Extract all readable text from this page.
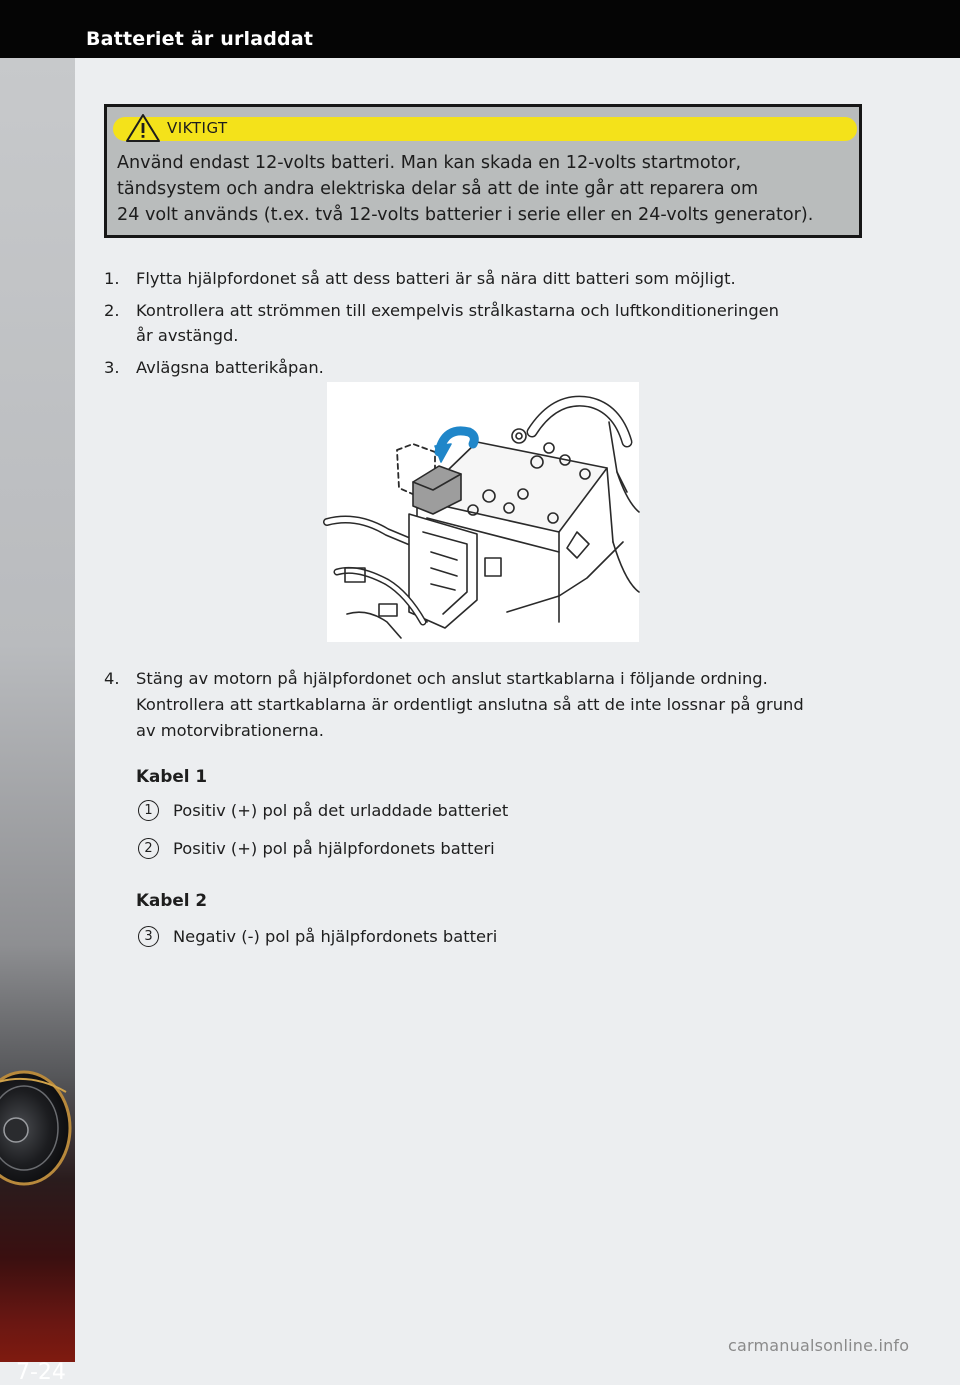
Batteriet är urladdat
7-24
VIKTIGT
Använd endast 12-volts batteri. Man kan skada en 12-volts startmotor,
tändsystem och andra elektriska delar så att de inte går att reparera om
24 volt används (t.ex. två 12-volts batterier i serie eller en 24-volts generator).
1. Flytta hjälpfordonet så att dess batteri är så nära ditt batteri som möjligt.
2. Kontrollera att strömmen till exempelvis strålkastarna och luftkonditioneringen
år avstängd.
3. Avlägsna batterikåpan.
4. Stäng av motorn på hjälpfordonet och anslut startkablarna i följande ordning.
Kontrollera att startkablarna är ordentligt anslutna så att de inte lossnar på grund
av motorvibrationerna.
Kabel 1
1	Positiv (+) pol på det urladdade batteriet
2	Positiv (+) pol på hjälpfordonets batteri
Kabel 2
3	Negativ (-) pol på hjälpfordonets batteri
carmanualsonline.info
